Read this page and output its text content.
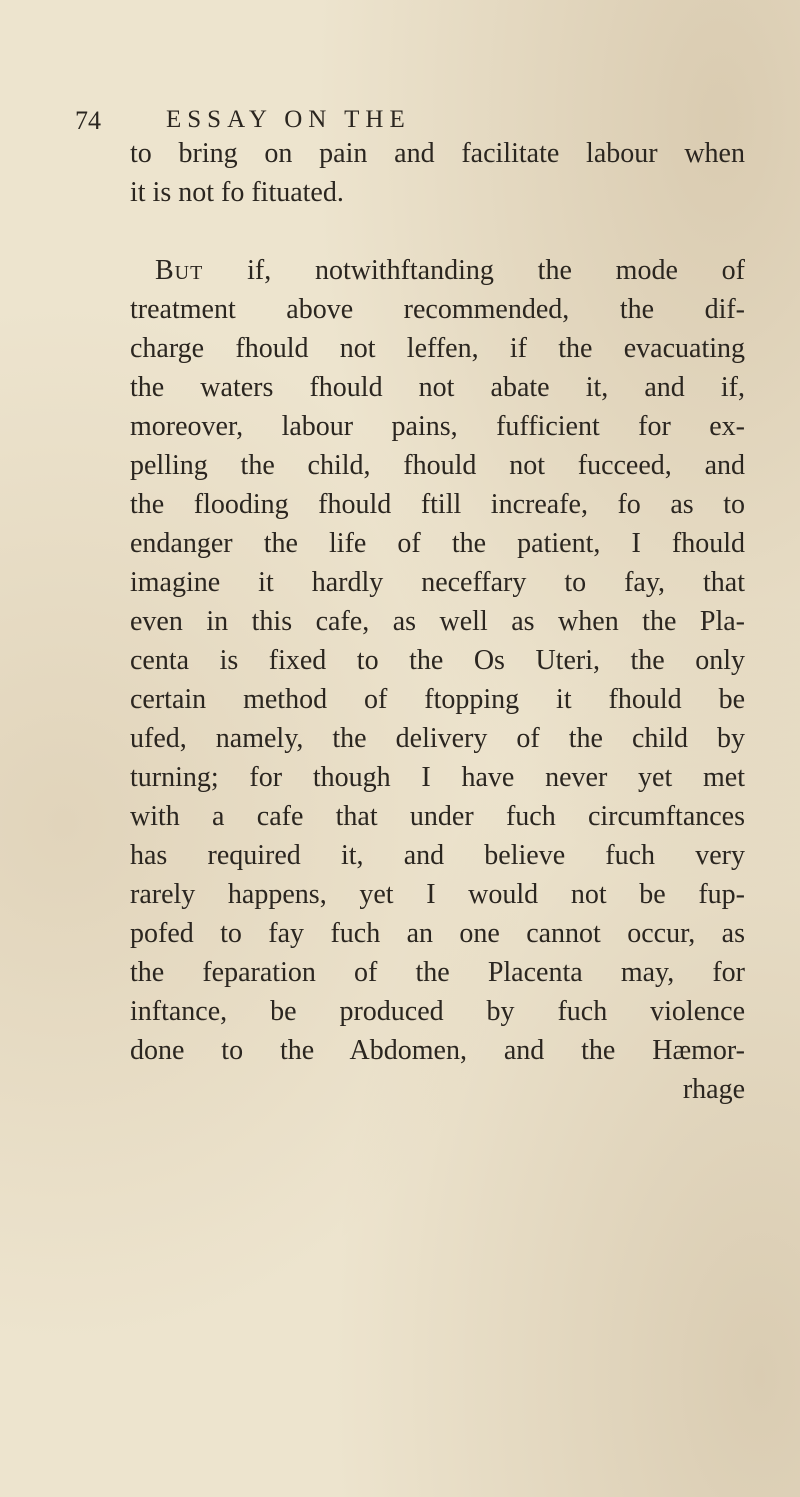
74	ESSAY ON THE
to bring on pain and facilitate labour when
it is not fo fituated.
But if, notwithftanding the mode of
treatment above recommended, the dif-
charge fhould not leffen, if the evacuating
the waters fhould not abate it, and if,
moreover, labour pains, fufficient for ex-
pelling the child, fhould not fucceed, and
the flooding fhould ftill increafe, fo as to
endanger the life of the patient, I fhould
imagine it hardly neceffary to fay, that
even in this cafe, as well as when the Pla-
centa is fixed to the Os Uteri, the only
certain method of ftopping it fhould be
ufed, namely, the delivery of the child by
turning; for though I have never yet met
with a cafe that under fuch circumftances
has required it, and believe fuch very
rarely happens, yet I would not be fup-
pofed to fay fuch an one cannot occur, as
the feparation of the Placenta may, for
inftance, be produced by fuch violence
done to the Abdomen, and the Hæmor-
rhage
